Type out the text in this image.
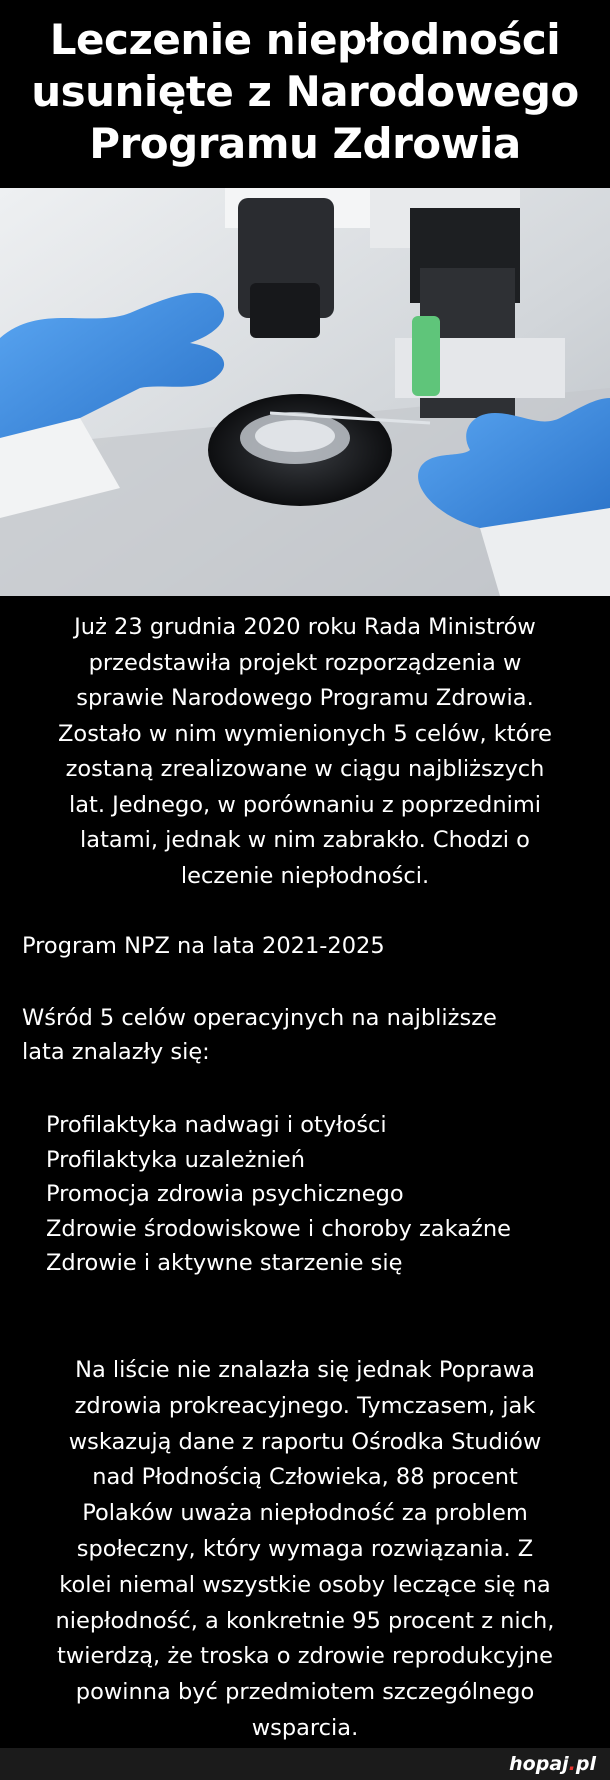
Leczenie niepłodności
usunięte z Narodowego
Programu Zdrowia
Już 23 grudnia 2020 roku Rada Ministrów
przedstawiła projekt rozporządzenia w
sprawie Narodowego Programu Zdrowia.
Zostało w nim wymienionych 5 celów, które
zostaną zrealizowane w ciągu najbliższych
lat. Jednego, w porównaniu z poprzednimi
latami, jednak w nim zabrakło. Chodzi o
leczenie niepłodności.
Program NPZ na lata 2021-2025
Wśród 5 celów operacyjnych na najbliższe
lata znalazły się:
Profilaktyka nadwagi i otyłości
Profilaktyka uzależnień
Promocja zdrowia psychicznego
Zdrowie środowiskowe i choroby zakaźne
Zdrowie i aktywne starzenie się
Na liście nie znalazła się jednak Poprawa
zdrowia prokreacyjnego. Tymczasem, jak
wskazują dane z raportu Ośrodka Studiów
nad Płodnością Człowieka, 88 procent
Polaków uważa niepłodność za problem
społeczny, który wymaga rozwiązania. Z
kolei niemal wszystkie osoby leczące się na
niepłodność, a konkretnie 95 procent z nich,
twierdzą, że troska o zdrowie reprodukcyjne
powinna być przedmiotem szczególnego
wsparcia.
hopaj.pl
